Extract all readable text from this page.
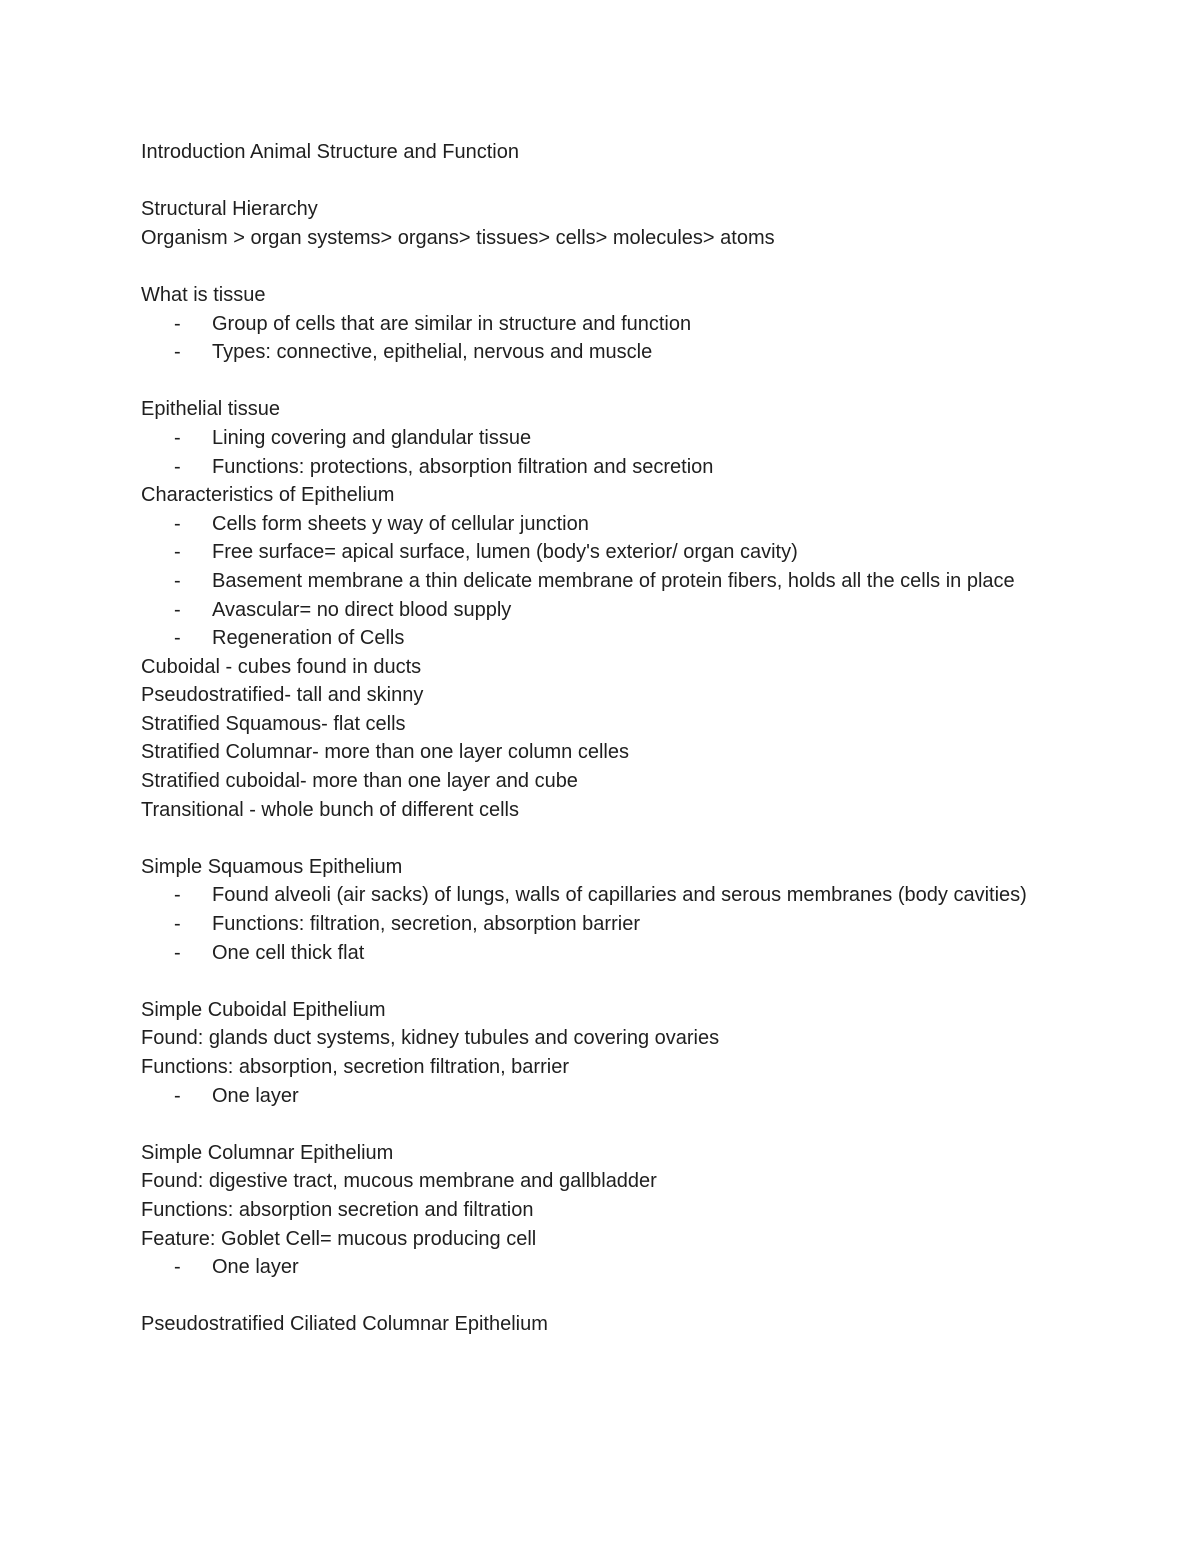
Introduction Animal Structure and Function

Structural Hierarchy

Organism > organ systems> organs> tissues> cells> molecules> atoms

What is tissue

- Group of cells that are similar in structure and function

- Types: connective, epithelial, nervous and muscle

Epithelial tissue

- Lining covering and glandular tissue

- Functions: protections, absorption filtration and secretion

Characteristics of Epithelium

- Cells form sheets y way of cellular junction

- Free surface= apical surface, lumen (body's exterior/ organ cavity)

- Basement membrane a thin delicate membrane of protein fibers, holds all the cells in place

- Avascular= no direct blood supply

- Regeneration of Cells

Cuboidal - cubes found in ducts

Pseudostratified- tall and skinny

Stratified Squamous- flat cells

Stratified Columnar- more than one layer column celles

Stratified cuboidal- more than one layer and cube

Transitional - whole bunch of different cells

Simple Squamous Epithelium

- Found alveoli (air sacks) of lungs, walls of capillaries and serous membranes (body cavities)

- Functions: filtration, secretion, absorption barrier

- One cell thick flat

Simple Cuboidal Epithelium

Found: glands duct systems, kidney tubules and covering ovaries

Functions: absorption, secretion filtration, barrier

- One layer

Simple Columnar Epithelium

Found: digestive tract, mucous membrane and gallbladder

Functions: absorption secretion and filtration

Feature: Goblet Cell= mucous producing cell

- One layer

Pseudostratified Ciliated Columnar Epithelium
